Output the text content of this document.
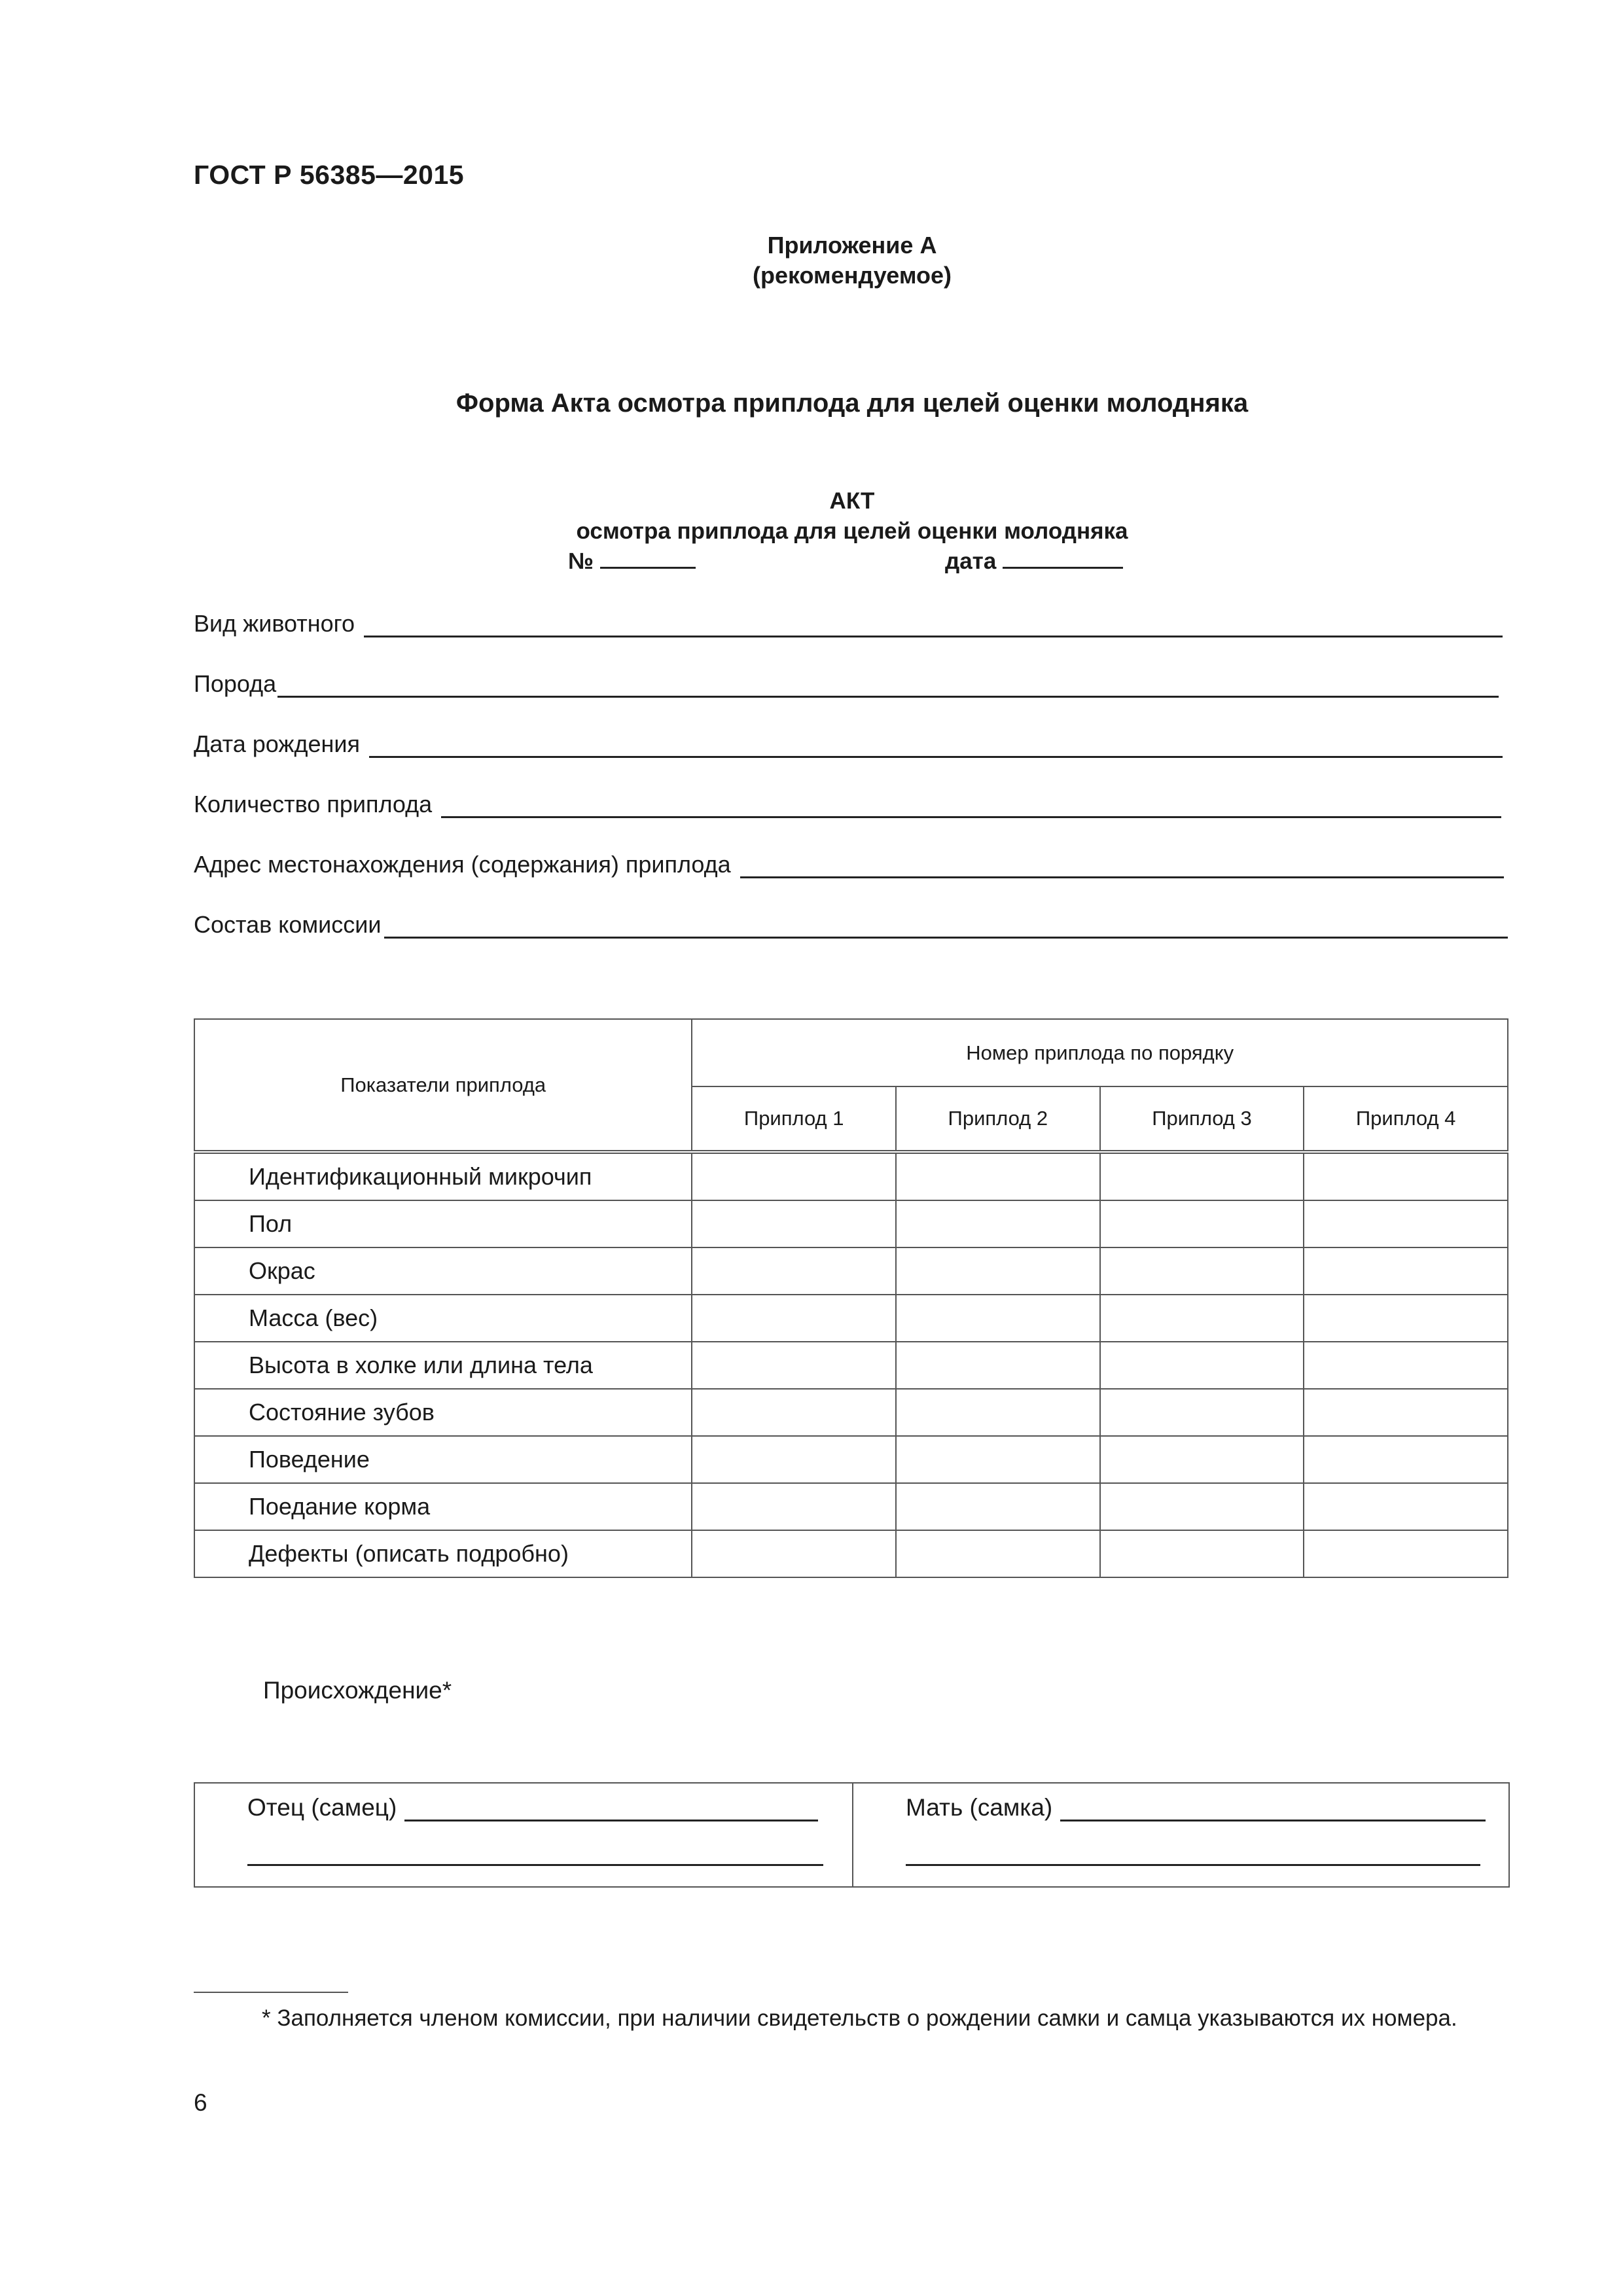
ГОСТ Р 56385—2015
Приложение А
(рекомендуемое)
Форма Акта осмотра приплода для целей оценки молодняка
АКТ
осмотра приплода для целей оценки молодняка
№	дата
Вид животного
Порода
Дата рождения
Количество приплода
Адрес местонахождения (содержания) приплода
Состав комиссии
Показатели приплода	Номер приплода по порядку			
	Приплод 1	Приплод 2	Приплод 3	Приплод 4
Идентификационный микрочип				
Пол				
Окрас				
Масса (вес)				
Высота в холке или длина тела				
Состояние зубов				
Поведение				
Поедание корма				
Дефекты (описать подробно)				
Происхождение*
Отец (самец)	Мать (самка)
* Заполняется членом комиссии, при наличии свидетельств о рождении самки и самца указываются их номера.
6
